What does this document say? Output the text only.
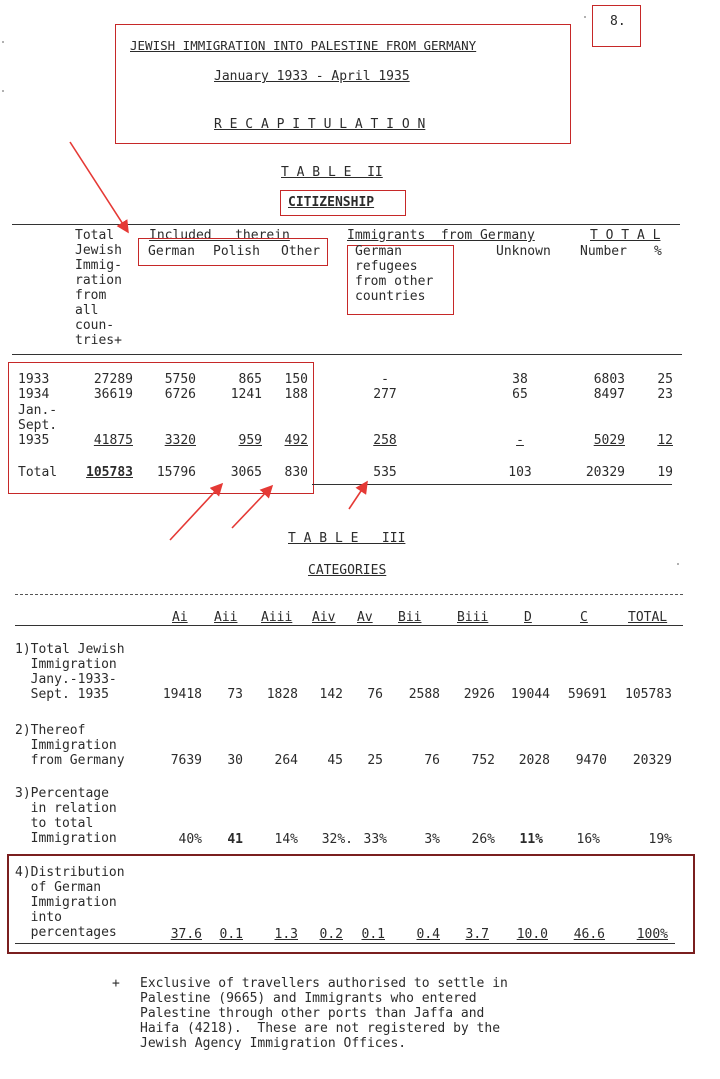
8.
JEWISH IMMIGRATION INTO PALESTINE FROM GERMANY
January 1933 - April 1935
R E C A P I T U L A T I O N
T A B L E  II
CITIZENSHIP
Total
Jewish
Immig-
ration
from
all
coun-
tries+
Included   therein
German Polish Other
Immigrants  from Germany
German
refugees
from other
countries
Unknown
T O T A L
Number %
1933	27289	5750	865	150	-	38	6803	25
1934	36619	6726	1241	188	277	65	8497	23
Jan.-
Sept.
1935	41875	3320	959	492	258	-	5029	12
Total	105783	15796	3065	830	535	103	20329	19
T A B L E   III
CATEGORIES
Ai Aii Aiii Aiv Av Bii	Biii	D	C	TOTAL
1)Total Jewish
Immigration
Jany.-1933-
Sept. 1935	19418	73	1828	142	76	2588	2926	19044	59691	105783
2)Thereof
Immigration
from Germany	7639	30	264	45	25	76	752	2028	9470	20329
3)Percentage
in relation
to total
Immigration	40%	41	14%	32%. 33%	3%	26%	11%	16%	19%
4)Distribution
of German
Immigration
into
percentages	37.6	0.1	1.3	0.2	0.1	0.4	3.7	10.0	46.6	100%
+ Exclusive of travellers authorised to settle in
Palestine (9665) and Immigrants who entered
Palestine through other ports than Jaffa and
Haifa (4218).  These are not registered by the
Jewish Agency Immigration Offices.
